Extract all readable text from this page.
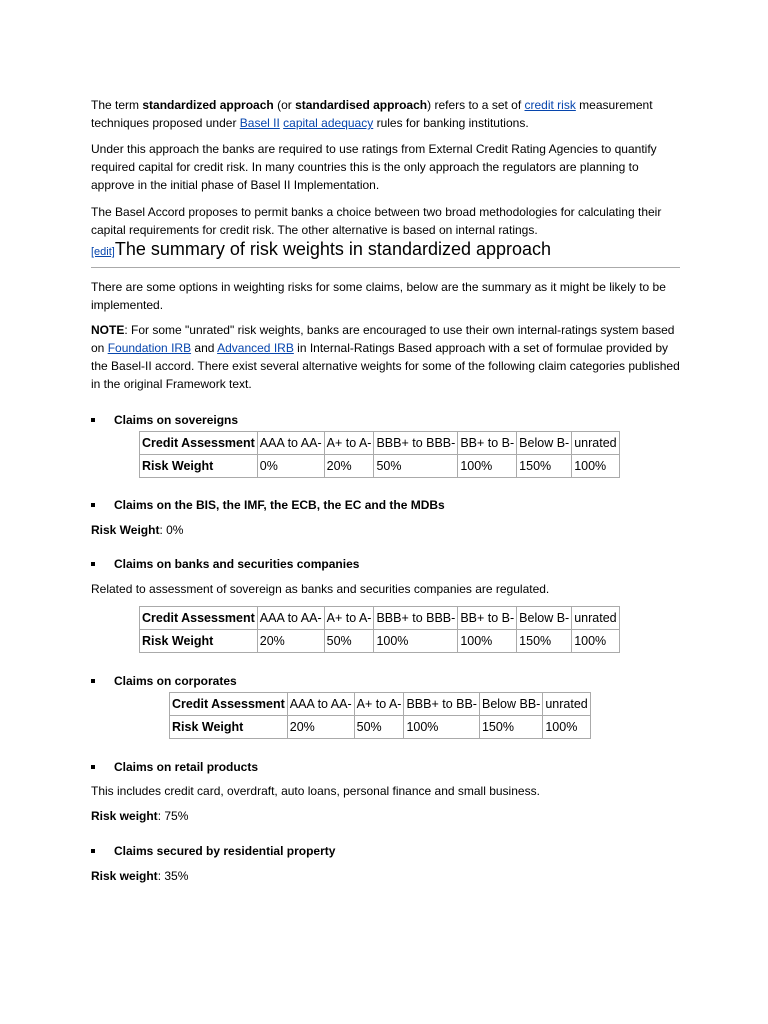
The term standardized approach (or standardised approach) refers to a set of credit risk measurement techniques proposed under Basel II capital adequacy rules for banking institutions.

Under this approach the banks are required to use ratings from External Credit Rating Agencies to quantify required capital for credit risk. In many countries this is the only approach the regulators are planning to approve in the initial phase of Basel II Implementation.

The Basel Accord proposes to permit banks a choice between two broad methodologies for calculating their capital requirements for credit risk. The other alternative is based on internal ratings.

[edit]The summary of risk weights in standardized approach

There are some options in weighting risks for some claims, below are the summary as it might be likely to be implemented.

NOTE: For some "unrated" risk weights, banks are encouraged to use their own internal-ratings system based on Foundation IRB and Advanced IRB in Internal-Ratings Based approach with a set of formulae provided by the Basel-II accord. There exist several alternative weights for some of the following claim categories published in the original Framework text.

Claims on sovereigns
Credit Assessment	AAA to AA-	A+ to A-	BBB+ to BBB-	BB+ to B-	Below B-	unrated
Risk Weight	0%	20%	50%	100%	150%	100%
Claims on the BIS, the IMF, the ECB, the EC and the MDBs

Risk Weight: 0%

Claims on banks and securities companies

Related to assessment of sovereign as banks and securities companies are regulated.

Credit Assessment	AAA to AA-	A+ to A-	BBB+ to BBB-	BB+ to B-	Below B-	unrated
Risk Weight	20%	50%	100%	100%	150%	100%
Claims on corporates
Credit Assessment	AAA to AA-	A+ to A-	BBB+ to BB-	Below BB-	unrated
Risk Weight	20%	50%	100%	150%	100%
Claims on retail products

This includes credit card, overdraft, auto loans, personal finance and small business.

Risk weight: 75%

Claims secured by residential property

Risk weight: 35%
